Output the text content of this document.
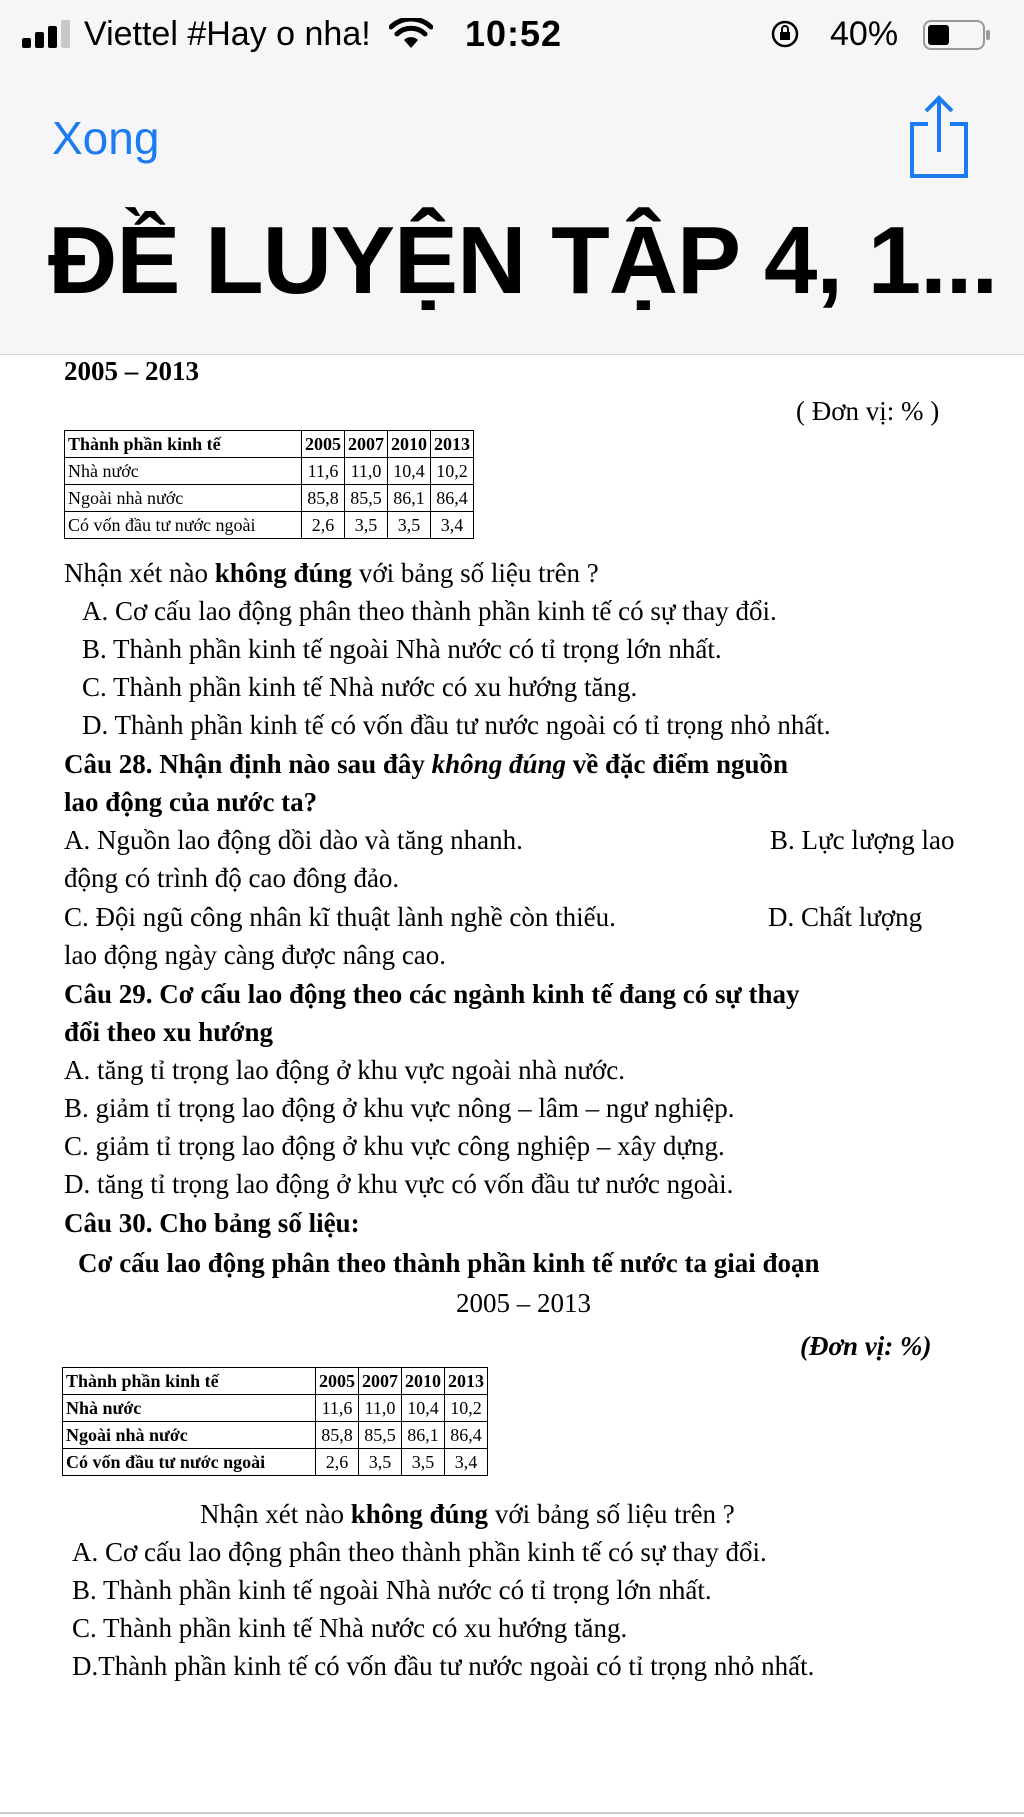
Viettel #Hay o nha!	10:52	40%
Xong
ĐỀ LUYỆN TẬP 4, 1...
2005 – 2013
( Đơn vị: % )
Thành phần kinh tế	2005	2007	2010	2013
Nhà nước	11,6	11,0	10,4	10,2
Ngoài nhà nước	85,8	85,5	86,1	86,4
Có vốn đầu tư nước ngoài	2,6	3,5	3,5	3,4
Nhận xét nào không đúng với bảng số liệu trên ?
A. Cơ cấu lao động phân theo thành phần kinh tế có sự thay đổi.
B. Thành phần kinh tế ngoài Nhà nước có tỉ trọng lớn nhất.
C. Thành phần kinh tế Nhà nước có xu hướng tăng.
D. Thành phần kinh tế có vốn đầu tư nước ngoài có tỉ trọng nhỏ nhất.
Câu 28. Nhận định nào sau đây không đúng về đặc điểm nguồn
lao động của nước ta?
A. Nguồn lao động dồi dào và tăng nhanh.	B. Lực lượng lao
động có trình độ cao đông đảo.
C. Đội ngũ công nhân kĩ thuật lành nghề còn thiếu.	D. Chất lượng
lao động ngày càng được nâng cao.
Câu 29. Cơ cấu lao động theo các ngành kinh tế đang có sự thay
đổi theo xu hướng
A. tăng tỉ trọng lao động ở khu vực ngoài nhà nước.
B. giảm tỉ trọng lao động ở khu vực nông – lâm – ngư nghiệp.
C. giảm tỉ trọng lao động ở khu vực công nghiệp – xây dựng.
D. tăng tỉ trọng lao động ở khu vực có vốn đầu tư nước ngoài.
Câu 30. Cho bảng số liệu:
Cơ cấu lao động phân theo thành phần kinh tế nước ta giai đoạn
2005 – 2013
(Đơn vị: %)
Thành phần kinh tế	2005	2007	2010	2013
Nhà nước	11,6	11,0	10,4	10,2
Ngoài nhà nước	85,8	85,5	86,1	86,4
Có vốn đầu tư nước ngoài	2,6	3,5	3,5	3,4
Nhận xét nào không đúng với bảng số liệu trên ?
A. Cơ cấu lao động phân theo thành phần kinh tế có sự thay đổi.
B. Thành phần kinh tế ngoài Nhà nước có tỉ trọng lớn nhất.
C. Thành phần kinh tế Nhà nước có xu hướng tăng.
D.Thành phần kinh tế có vốn đầu tư nước ngoài có tỉ trọng nhỏ nhất.
